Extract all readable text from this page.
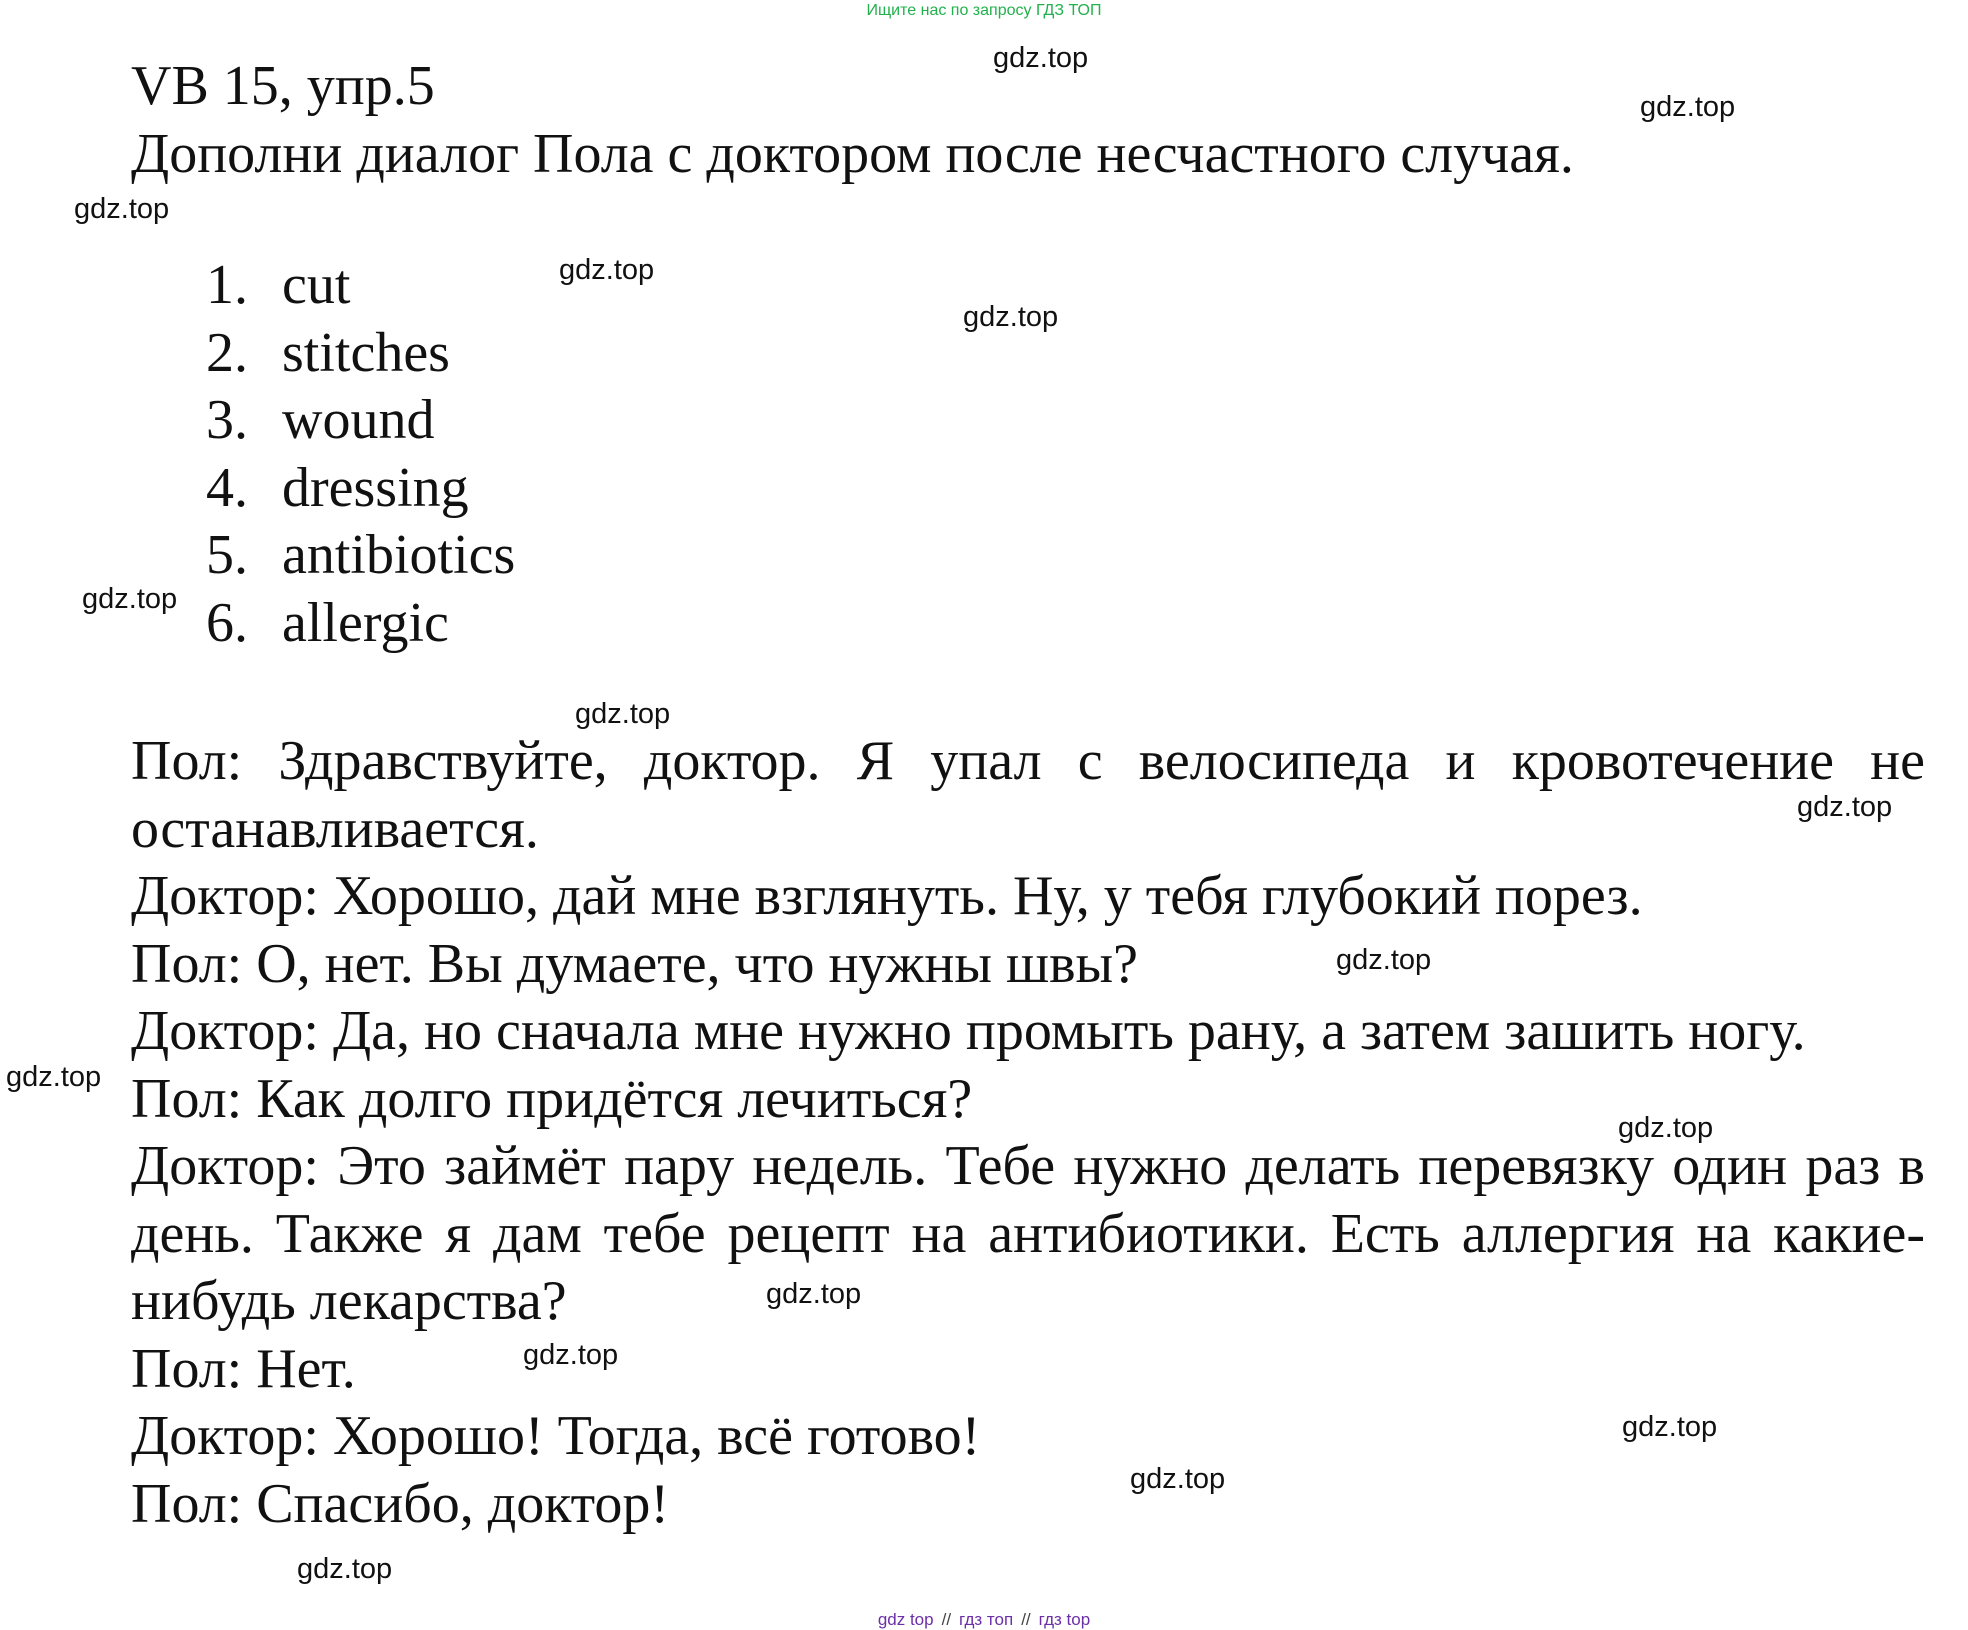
Ищите нас по запросу ГДЗ ТОП
VB 15, упр.5
Дополни диалог Пола с доктором после несчастного случая.
1. cut
2. stitches
3. wound
4. dressing
5. antibiotics
6. allergic

Пол: Здравствуйте, доктор. Я упал с велосипеда и кровотечение не останавливается.

Доктор: Хорошо, дай мне взглянуть. Ну, у тебя глубокий порез.

Пол: О, нет. Вы думаете, что нужны швы?

Доктор: Да, но сначала мне нужно промыть рану, а затем зашить ногу.

Пол: Как долго придётся лечиться?

Доктор: Это займёт пару недель. Тебе нужно делать перевязку один раз в день. Также я дам тебе рецепт на антибиотики. Есть аллергия на какие-нибудь лекарства?

Пол: Нет.

Доктор: Хорошо! Тогда, всё готово!

Пол: Спасибо, доктор!

gdz.top
gdz.top
gdz.top
gdz.top
gdz.top
gdz.top
gdz.top
gdz.top
gdz.top
gdz.top
gdz.top
gdz.top
gdz.top
gdz.top
gdz.top
gdz.top
gdz top // гдз топ // гдз top
